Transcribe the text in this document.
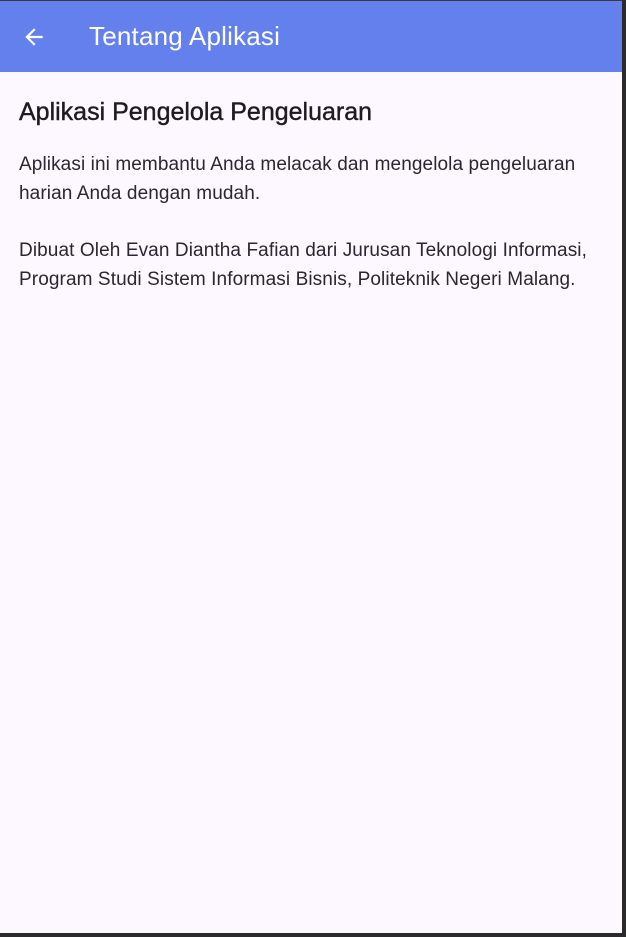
Tentang Aplikasi
Aplikasi Pengelola Pengeluaran

Aplikasi ini membantu Anda melacak dan mengelola pengeluaran harian Anda dengan mudah.

Dibuat Oleh Evan Diantha Fafian dari Jurusan Teknologi Informasi, Program Studi Sistem Informasi Bisnis, Politeknik Negeri Malang.
